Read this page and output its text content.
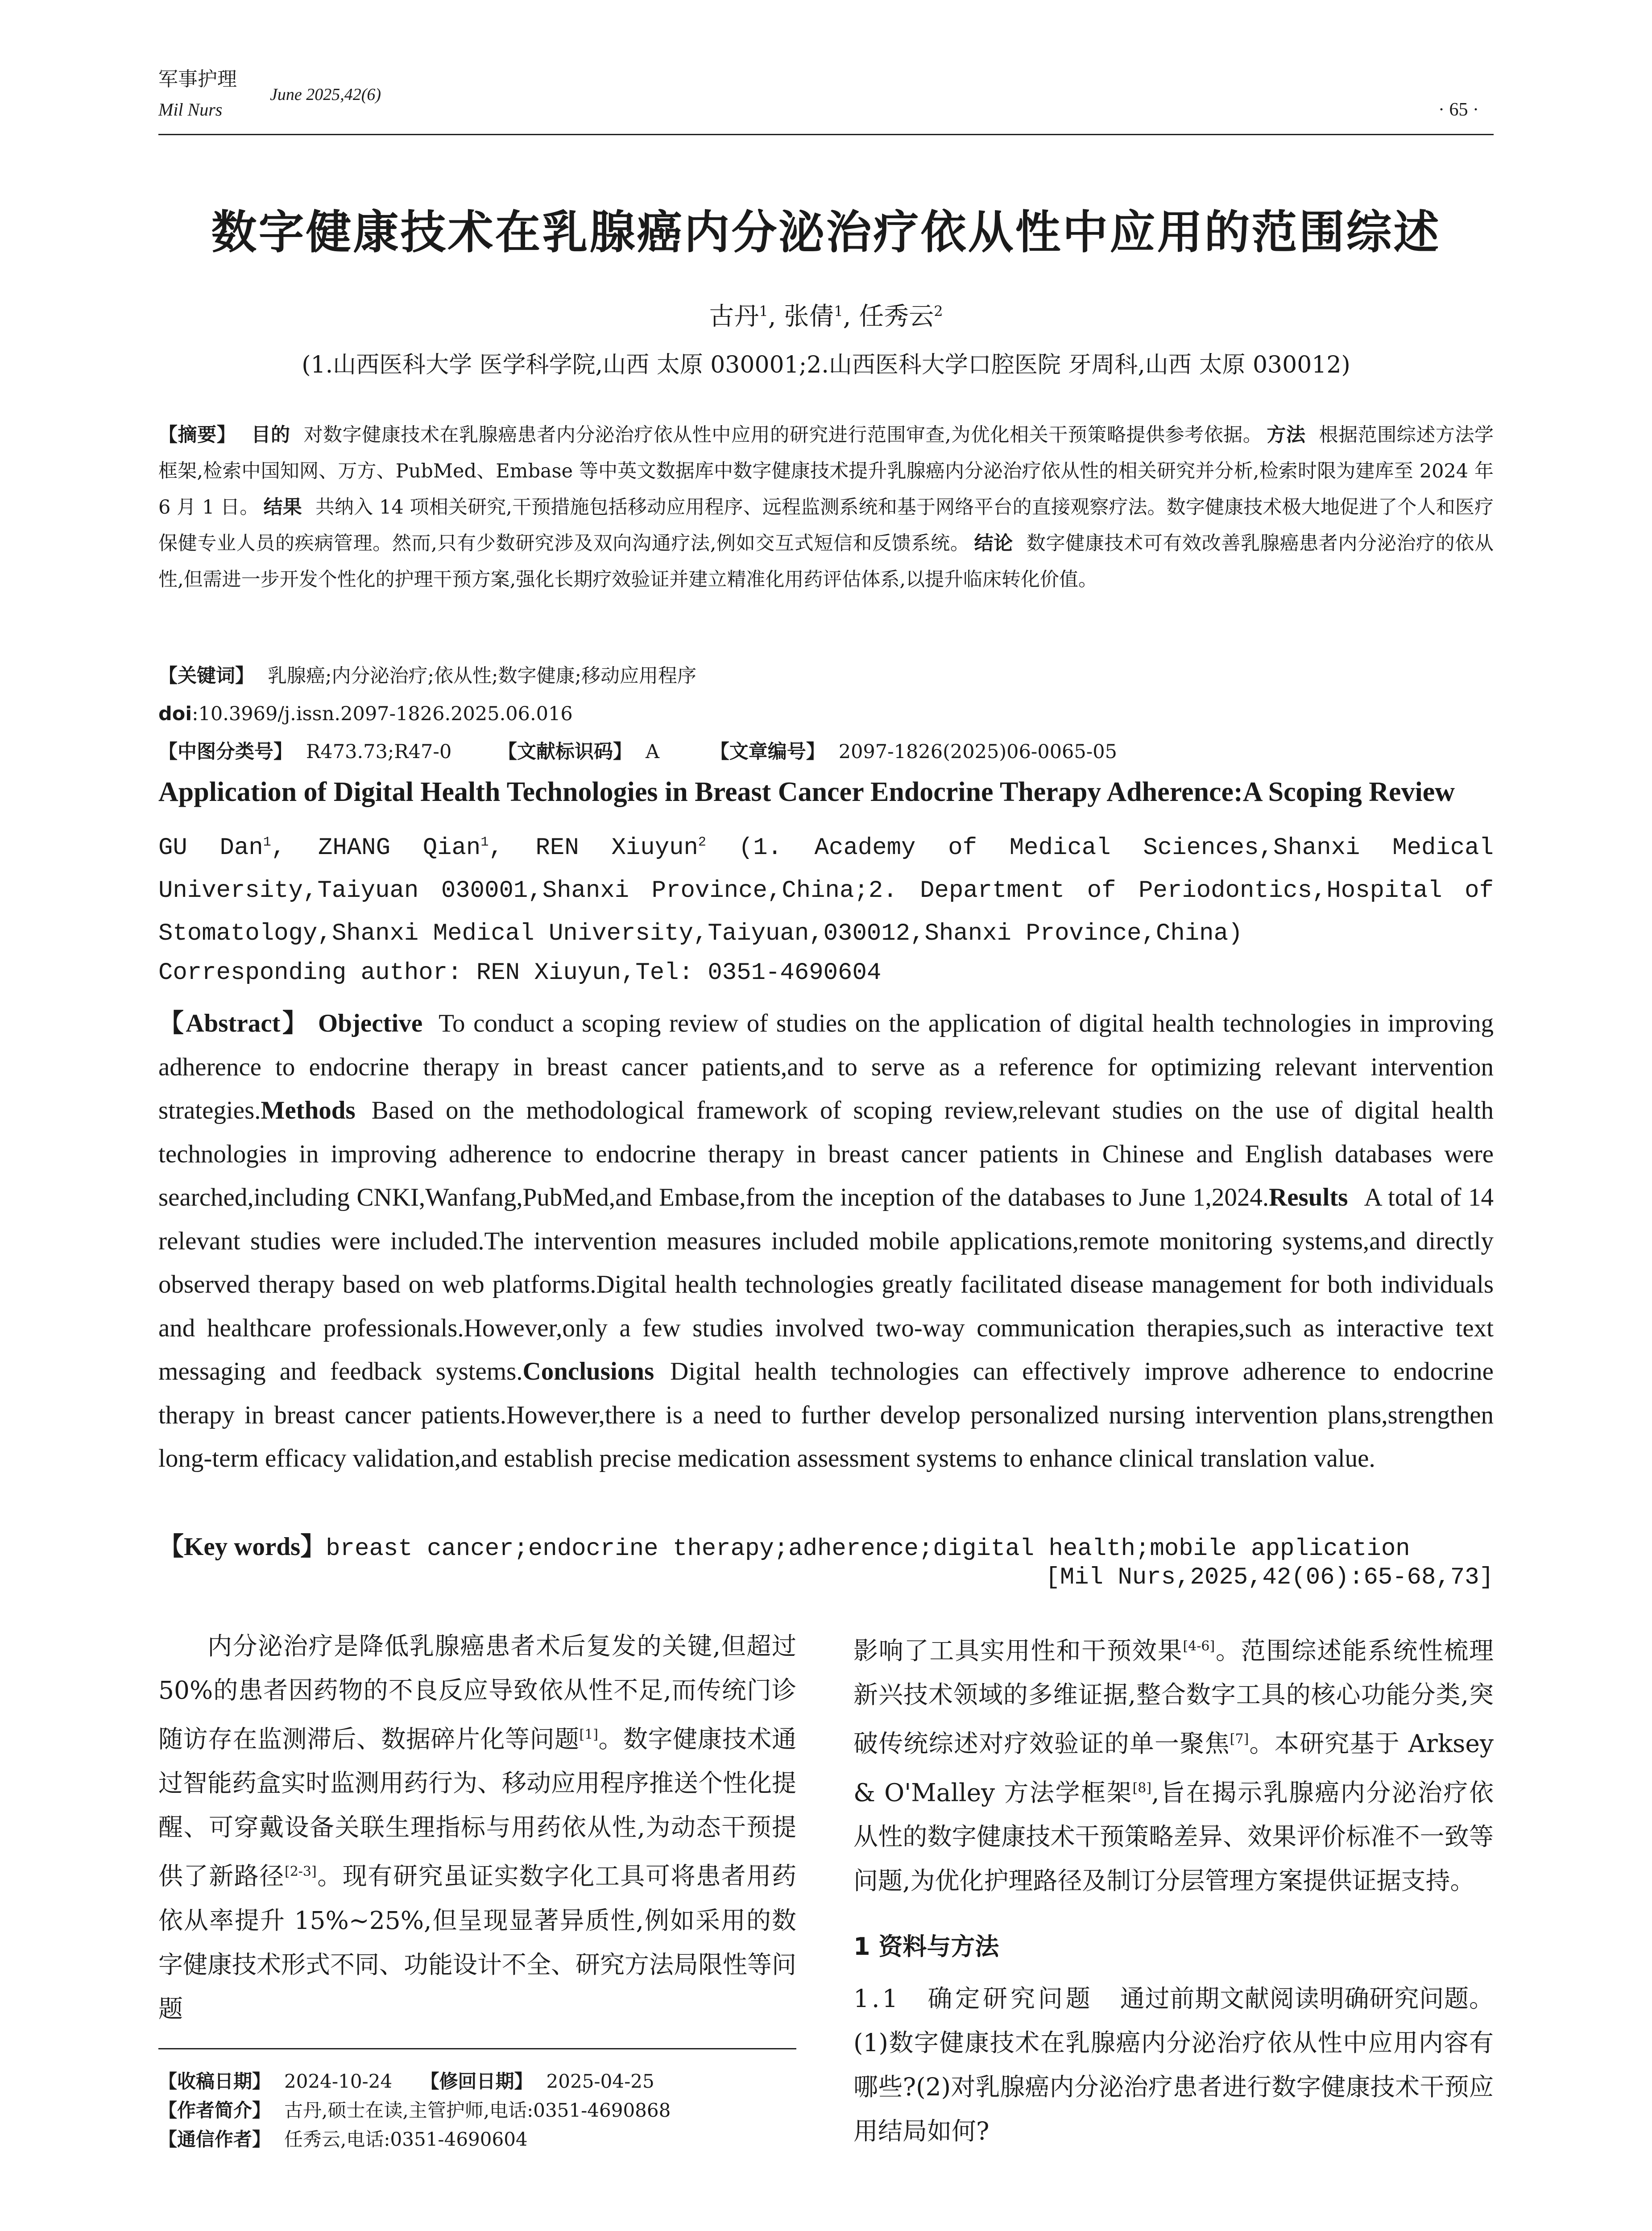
军事护理
Mil Nurs
June 2025,42(6)
· 65 ·
数字健康技术在乳腺癌内分泌治疗依从性中应用的范围综述
古丹$^1$, 张倩$^1$, 任秀云$^2$
(1.山西医科大学 医学科学院,山西 太原 030001;2.山西医科大学口腔医院 牙周科,山西 太原 030012)
【摘要】 目的 对数字健康技术在乳腺癌患者内分泌治疗依从性中应用的研究进行范围审查,为优化相关干预策略提供参考依据。 方法 根据范围综述方法学框架,检索中国知网、万方、PubMed、Embase 等中英文数据库中数字健康技术提升乳腺癌内分泌治疗依从性的相关研究并分析,检索时限为建库至 2024 年 6 月 1 日。 结果 共纳入 14 项相关研究,干预措施包括移动应用程序、远程监测系统和基于网络平台的直接观察疗法。数字健康技术极大地促进了个人和医疗保健专业人员的疾病管理。然而,只有少数研究涉及双向沟通疗法,例如交互式短信和反馈系统。 结论 数字健康技术可有效改善乳腺癌患者内分泌治疗的依从性,但需进一步开发个性化的护理干预方案,强化长期疗效验证并建立精准化用药评估体系,以提升临床转化价值。
【关键词】 乳腺癌;内分泌治疗;依从性;数字健康;移动应用程序
doi:10.3969/j.issn.2097-1826.2025.06.016
【中图分类号】 R473.73;R47-0 【文献标识码】 A	【文章编号】 2097-1826(2025)06-0065-05
Application of Digital Health Technologies in Breast Cancer Endocrine Therapy Adherence:A Scoping Review
GU Dan$^1$, ZHANG Qian$^1$, REN Xiuyun$^2$ (1. Academy of Medical Sciences,Shanxi Medical University,Taiyuan 030001,Shanxi Province,China;2. Department of Periodontics,Hospital of Stomatology,Shanxi Medical University,Taiyuan,030012,Shanxi Province,China)
Corresponding author: REN Xiuyun,Tel: 0351-4690604
【Abstract】 Objective To conduct a scoping review of studies on the application of digital health technologies in improving adherence to endocrine therapy in breast cancer patients,and to serve as a reference for optimizing relevant intervention strategies.Methods Based on the methodological framework of scoping review,relevant studies on the use of digital health technologies in improving adherence to endocrine therapy in breast cancer patients in Chinese and English databases were searched,including CNKI,Wanfang,PubMed,and Embase,from the inception of the databases to June 1,2024.Results A total of 14 relevant studies were included.The intervention measures included mobile applications,remote monitoring systems,and directly observed therapy based on web platforms.Digital health technologies greatly facilitated disease management for both individuals and healthcare professionals.However,only a few studies involved two-way communication therapies,such as interactive text messaging and feedback systems.Conclusions Digital health technologies can effectively improve adherence to endocrine therapy in breast cancer patients.However,there is a need to further develop personalized nursing intervention plans,strengthen long-term efficacy validation,and establish precise medication assessment systems to enhance clinical translation value.
【Key words】breast cancer;endocrine therapy;adherence;digital health;mobile application
[Mil Nurs,2025,42(06):65-68,73]

内分泌治疗是降低乳腺癌患者术后复发的关键,但超过 50%的患者因药物的不良反应导致依从性不足,而传统门诊随访存在监测滞后、数据碎片化等问题[1]。数字健康技术通过智能药盒实时监测用药行为、移动应用程序推送个性化提醒、可穿戴设备关联生理指标与用药依从性,为动态干预提供了新路径[2-3]。现有研究虽证实数字化工具可将患者用药依从率提升 15%~25%,但呈现显著异质性,例如采用的数字健康技术形式不同、功能设计不全、研究方法局限性等问题

影响了工具实用性和干预效果[4-6]。范围综述能系统性梳理新兴技术领域的多维证据,整合数字工具的核心功能分类,突破传统综述对疗效验证的单一聚焦[7]。本研究基于 Arksey & O'Malley 方法学框架[8],旨在揭示乳腺癌内分泌治疗依从性的数字健康技术干预策略差异、效果评价标准不一致等问题,为优化护理路径及制订分层管理方案提供证据支持。

1 资料与方法

1.1 确定研究问题 通过前期文献阅读明确研究问题。(1)数字健康技术在乳腺癌内分泌治疗依从性中应用内容有哪些?(2)对乳腺癌内分泌治疗患者进行数字健康技术干预应用结局如何?

【收稿日期】 2024-10-24 【修回日期】 2025-04-25
【作者简介】 古丹,硕士在读,主管护师,电话:0351-4690868
【通信作者】 任秀云,电话:0351-4690604
